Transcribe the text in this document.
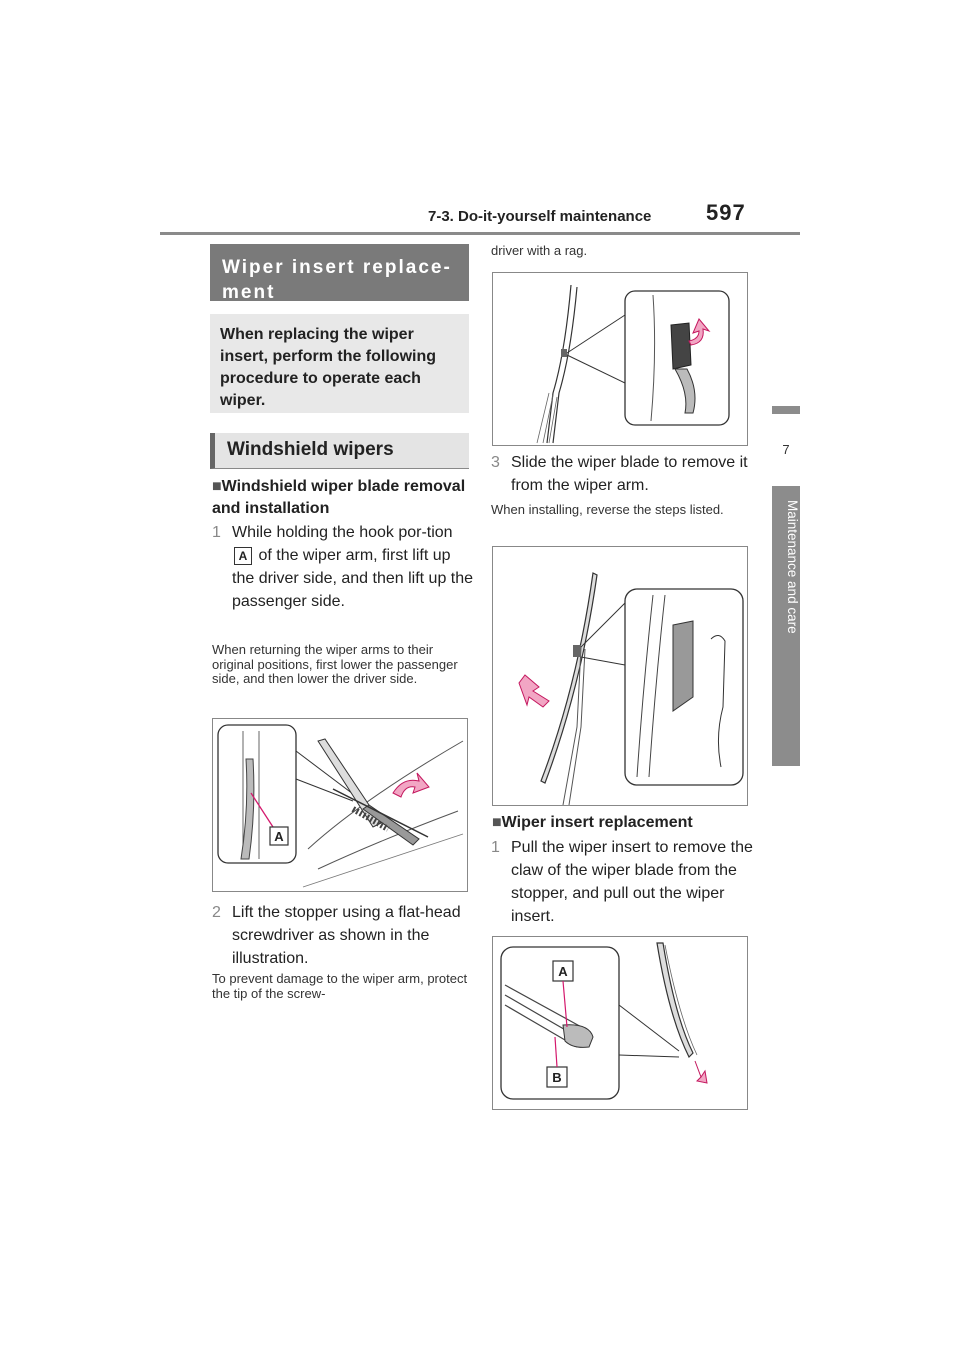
7-3. Do-it-yourself maintenance 597
7
Maintenance and care
Wiper insert replace-ment
When replacing the wiper insert, perform the following procedure to operate each wiper.
Windshield wipers
■Windshield wiper blade removal and installation
1 While holding the hook por-tion A of the wiper arm, first lift up the driver side, and then lift up the passenger side.
When returning the wiper arms to their original positions, first lower the passenger side, and then lower the driver side.
A
2 Lift the stopper using a flat-head screwdriver as shown in the illustration.
To prevent damage to the wiper arm, protect the tip of the screw-
driver with a rag.
3 Slide the wiper blade to remove it from the wiper arm.
When installing, reverse the steps listed.
■Wiper insert replacement
1 Pull the wiper insert to remove the claw of the wiper blade from the stopper, and pull out the wiper insert.
A
B
